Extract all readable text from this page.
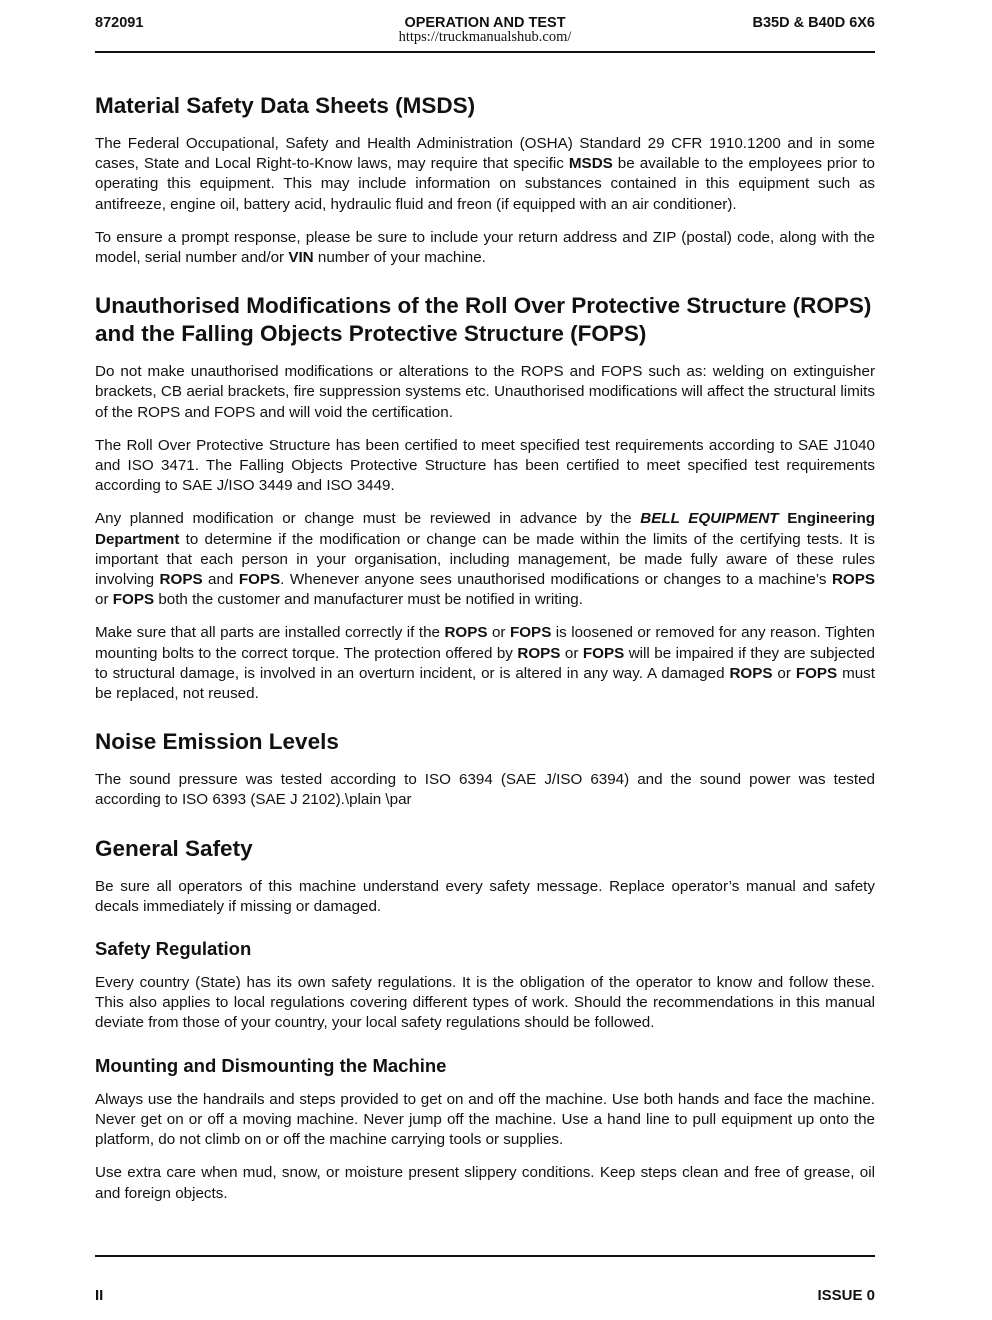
872091	OPERATION AND TEST	B35D & B40D 6X6
https://truckmanualshub.com/
Material Safety Data Sheets (MSDS)

The Federal Occupational, Safety and Health Administration (OSHA) Standard 29 CFR 1910.1200 and in some cases, State and Local Right-to-Know laws, may require that specific MSDS be available to the employees prior to operating this equipment. This may include information on substances contained in this equipment such as antifreeze, engine oil, battery acid, hydraulic fluid and freon (if equipped with an air conditioner).

To ensure a prompt response, please be sure to include your return address and ZIP (postal) code, along with the model, serial number and/or VIN number of your machine.

Unauthorised Modifications of the Roll Over Protective Structure (ROPS) and the Falling Objects Protective Structure (FOPS)

Do not make unauthorised modifications or alterations to the ROPS and FOPS such as: welding on extinguisher brackets, CB aerial brackets, fire suppression systems etc. Unauthorised modifications will affect the structural limits of the ROPS and FOPS and will void the certification.

The Roll Over Protective Structure has been certified to meet specified test requirements according to SAE J1040 and ISO 3471. The Falling Objects Protective Structure has been certified to meet specified test requirements according to SAE J/ISO 3449 and ISO 3449.

Any planned modification or change must be reviewed in advance by the BELL EQUIPMENT Engineering Department to determine if the modification or change can be made within the limits of the certifying tests. It is important that each person in your organisation, including management, be made fully aware of these rules involving ROPS and FOPS. Whenever anyone sees unauthorised modifications or changes to a machine’s ROPS or FOPS both the customer and manufacturer must be notified in writing.

Make sure that all parts are installed correctly if the ROPS or FOPS is loosened or removed for any reason. Tighten mounting bolts to the correct torque. The protection offered by ROPS or FOPS will be impaired if they are subjected to structural damage, is involved in an overturn incident, or is altered in any way. A damaged ROPS or FOPS must be replaced, not reused.

Noise Emission Levels

The sound pressure was tested according to ISO 6394 (SAE J/ISO 6394) and the sound power was tested according to ISO 6393 (SAE J 2102).\plain \par

General Safety

Be sure all operators of this machine understand every safety message. Replace operator’s manual and safety decals immediately if missing or damaged.

Safety Regulation

Every country (State) has its own safety regulations. It is the obligation of the operator to know and follow these. This also applies to local regulations covering different types of work. Should the recommendations in this manual deviate from those of your country, your local safety regulations should be followed.

Mounting and Dismounting the Machine

Always use the handrails and steps provided to get on and off the machine. Use both hands and face the machine. Never get on or off a moving machine. Never jump off the machine. Use a hand line to pull equipment up onto the platform, do not climb on or off the machine carrying tools or supplies.

Use extra care when mud, snow, or moisture present slippery conditions. Keep steps clean and free of grease, oil and foreign objects.

II	ISSUE 0
